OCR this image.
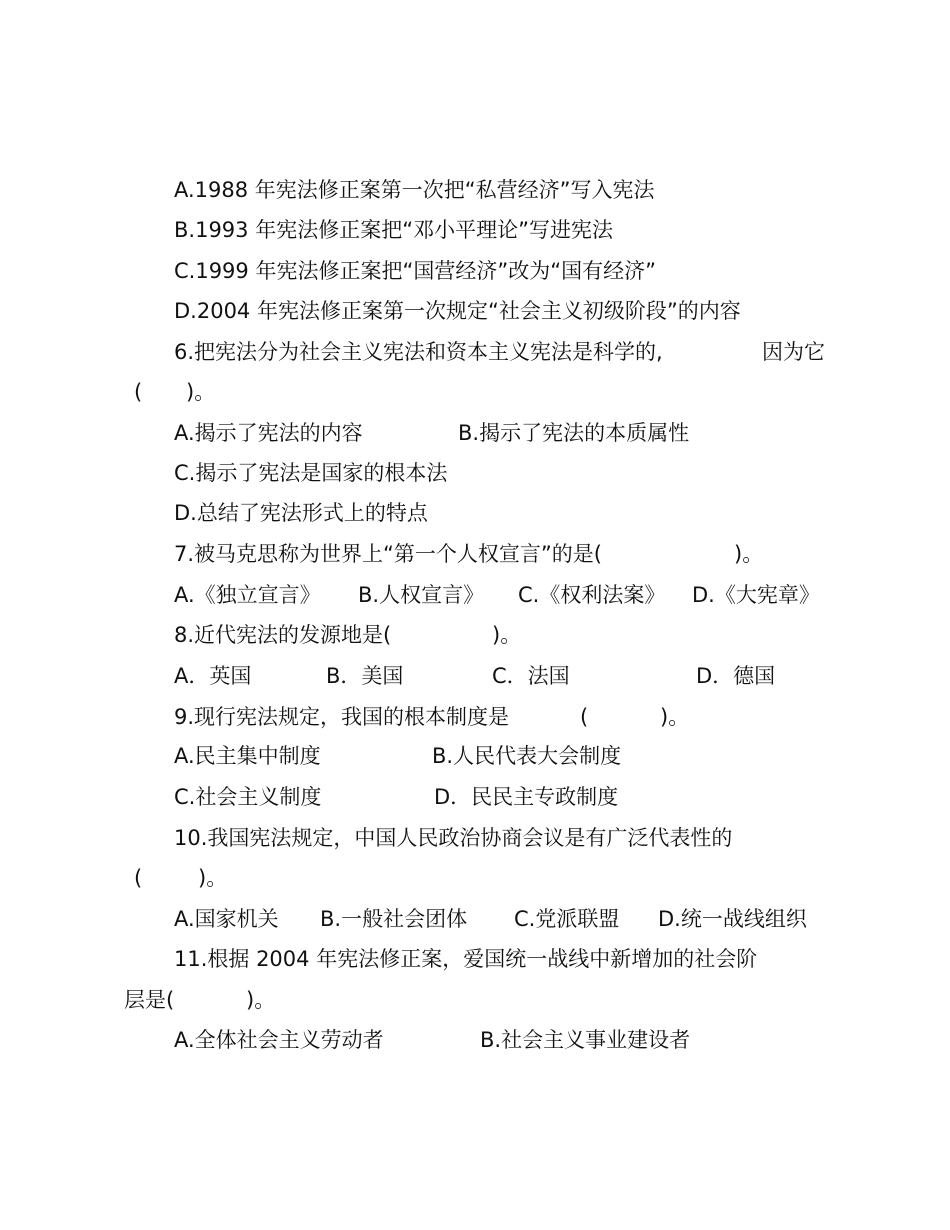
A.1988 年宪法修正案第一次把“私营经济”写入宪法
B.1993 年宪法修正案把“邓小平理论”写进宪法
C.1999 年宪法修正案把“国营经济”改为“国有经济”
D.2004 年宪法修正案第一次规定“社会主义初级阶段”的内容
6.把宪法分为社会主义宪法和资本主义宪法是科学的,	因为它
( )。
A.揭示了宪法的内容	B.揭示了宪法的本质属性
C.揭示了宪法是国家的根本法
D.总结了宪法形式上的特点
7.被马克思称为世界上“第一个人权宣言”的是(	)。
A.《独立宣言》 B.人权宣言》 C.《权利法案》 D.《大宪章》
8.近代宪法的发源地是(	)。
A．英国	B．美国	C．法国	D．德国
9.现行宪法规定，我国的根本制度是	(	)。
A.民主集中制度	B.人民代表大会制度
C.社会主义制度	D．民民主专政制度
10.我国宪法规定，中国人民政治协商会议是有广泛代表性的
(	)。
A.国家机关 B.一般社会团体 C.党派联盟 D.统一战线组织
11.根据 2004 年宪法修正案，爱国统一战线中新增加的社会阶
层是(	)。
A.全体社会主义劳动者	B.社会主义事业建设者
